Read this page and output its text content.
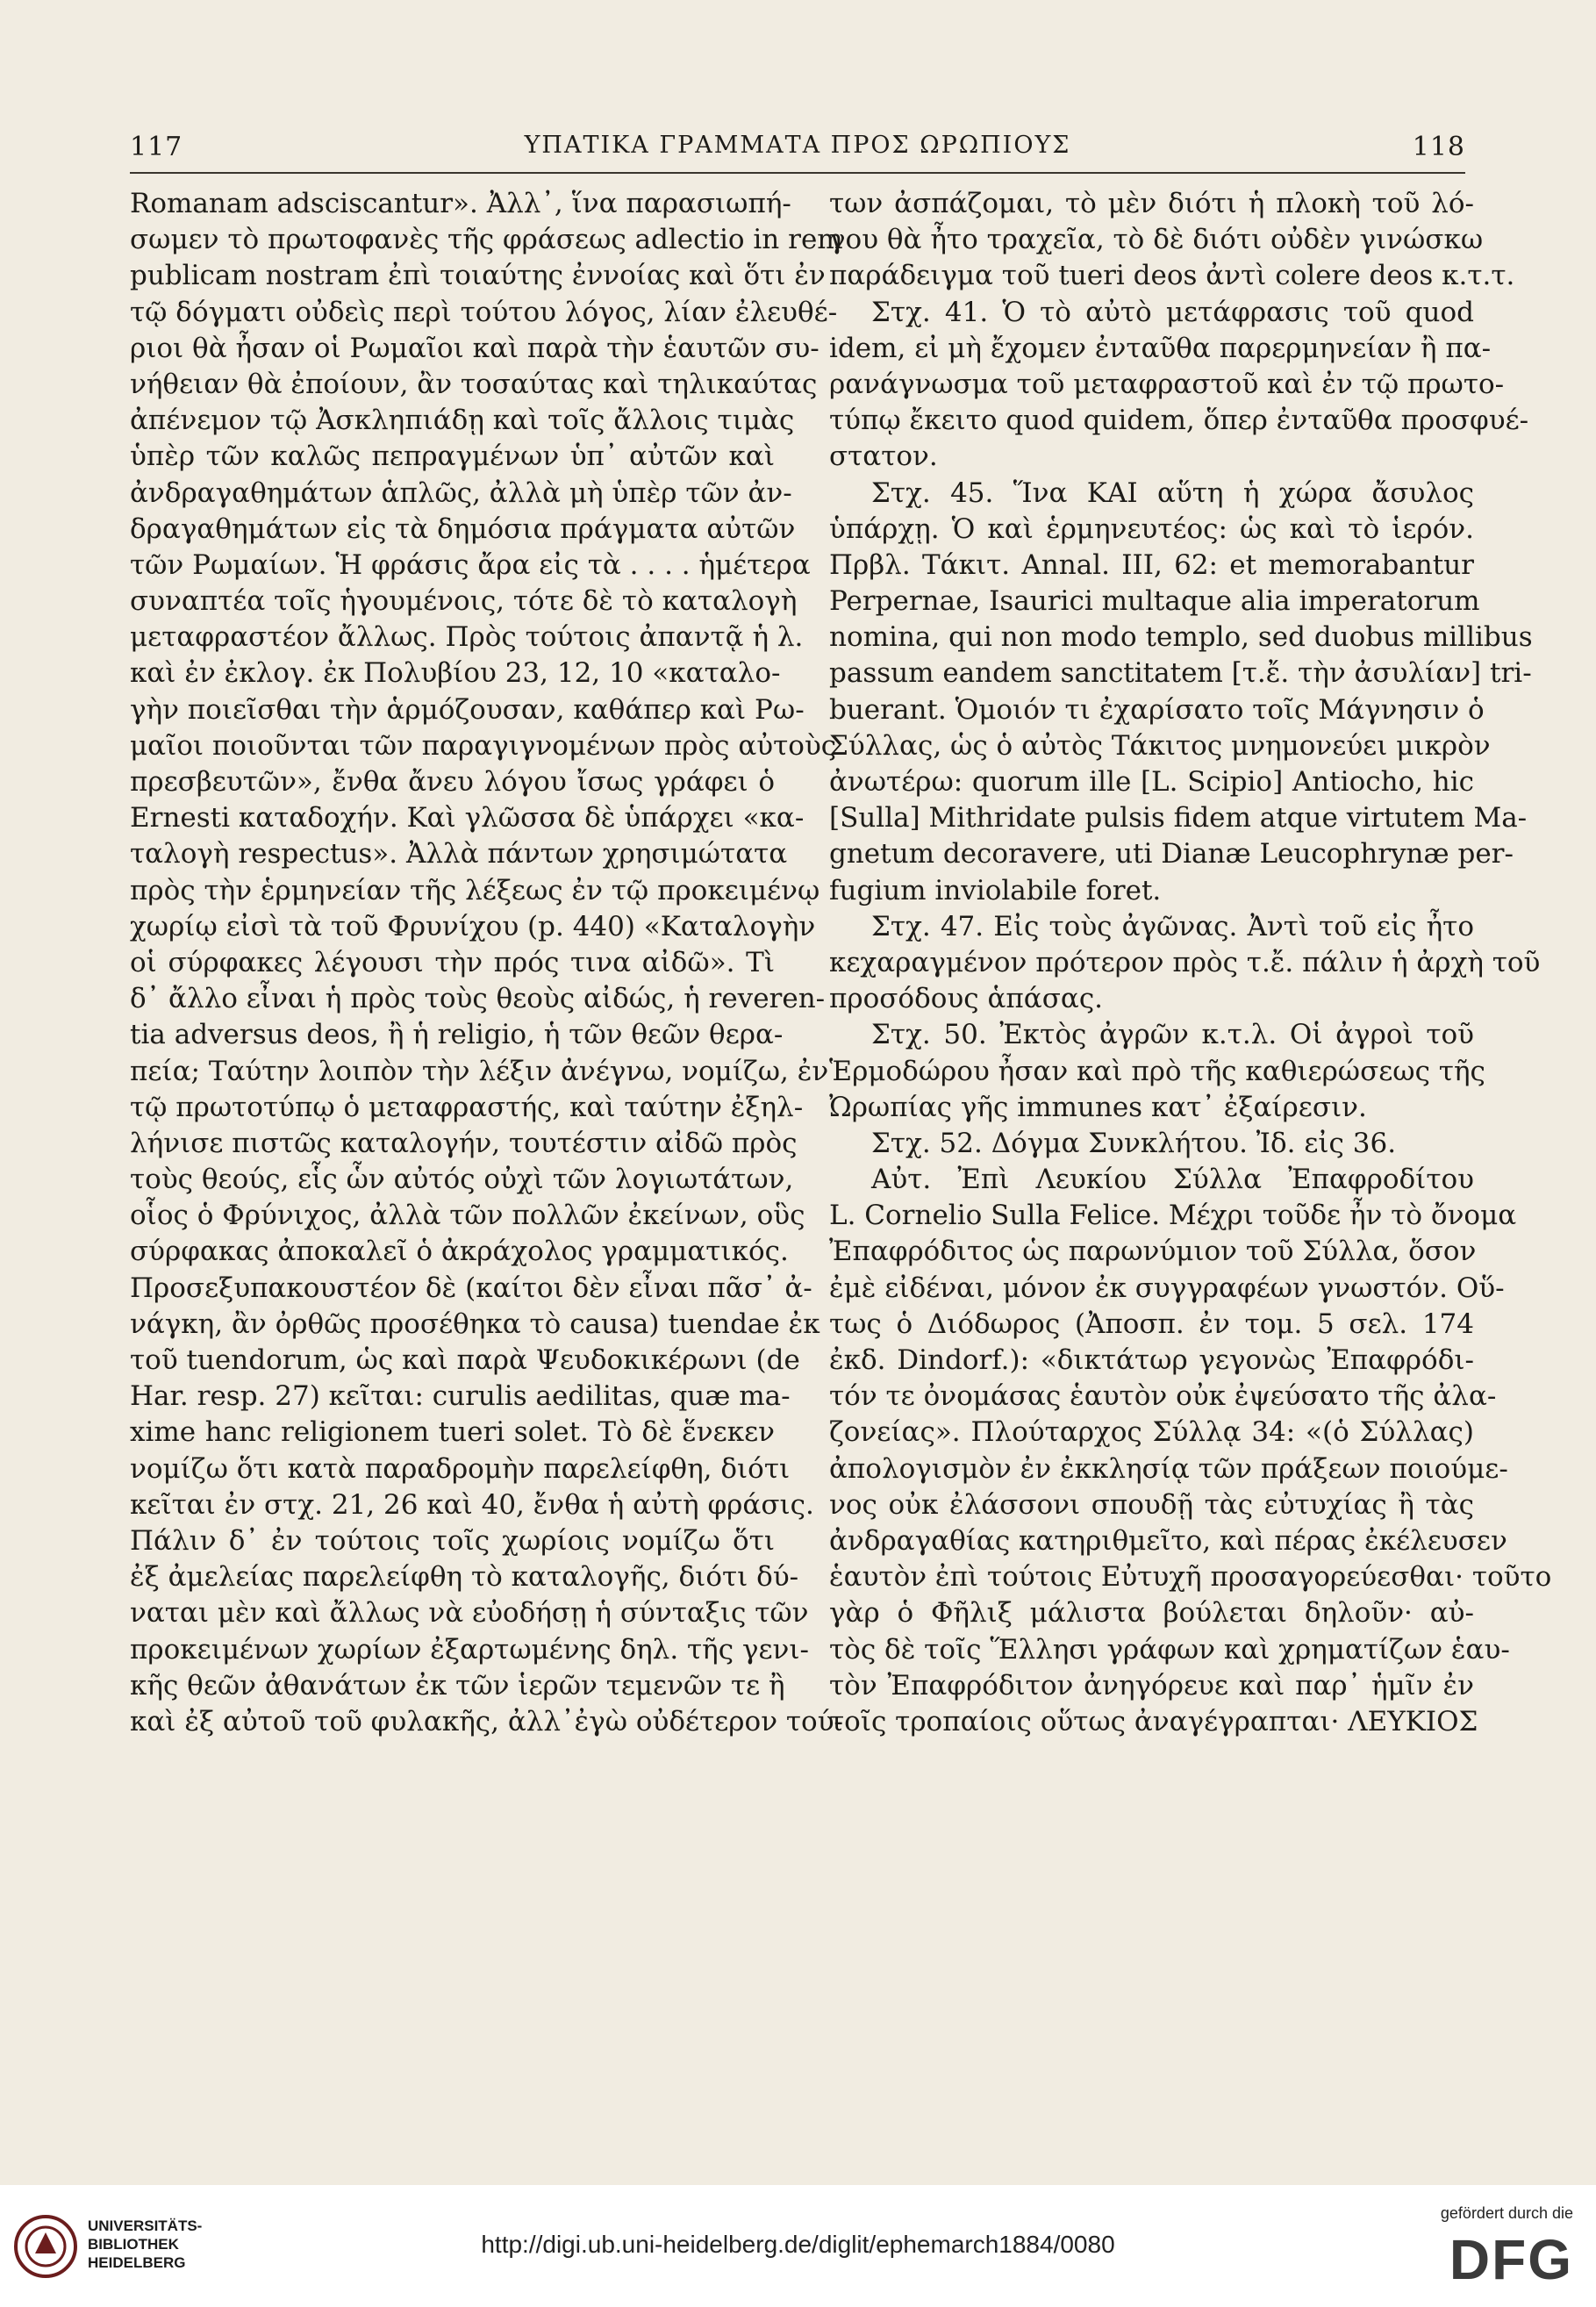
117	ΥΠΑΤΙΚΑ ΓΡΑΜΜΑΤΑ ΠΡΟΣ ΩΡΩΠΙΟΥΣ	118
Romanam adsciscantur». Ἀλλ᾽, ἵνα παρασιωπή-
σωμεν τὸ πρωτοφανὲς τῆς φράσεως adlectio in rem
publicam nostram ἐπὶ τοιαύτης ἐννοίας καὶ ὅτι ἐν
τῷ δόγματι οὐδεὶς περὶ τούτου λόγος, λίαν ἐλευθέ-
ριοι θὰ ἦσαν οἱ Ρωμαῖοι καὶ παρὰ τὴν ἑαυτῶν συ-
νήθειαν θὰ ἐποίουν, ἂν τοσαύτας καὶ τηλικαύτας
ἀπένεμον τῷ Ἀσκληπιάδῃ καὶ τοῖς ἄλλοις τιμὰς
ὑπὲρ τῶν καλῶς πεπραγμένων ὑπ᾽ αὐτῶν καὶ
ἀνδραγαθημάτων ἁπλῶς, ἀλλὰ μὴ ὑπὲρ τῶν ἀν-
δραγαθημάτων εἰς τὰ δημόσια πράγματα αὐτῶν
τῶν Ρωμαίων. Ἡ φράσις ἄρα εἰς τὰ . . . . ἡμέτερα
συναπτέα τοῖς ἡγουμένοις, τότε δὲ τὸ καταλογὴ
μεταφραστέον ἄλλως. Πρὸς τούτοις ἀπαντᾷ ἡ λ.
καὶ ἐν ἐκλογ. ἐκ Πολυβίου 23, 12, 10 «καταλο-
γὴν ποιεῖσθαι τὴν ἁρμόζουσαν, καθάπερ καὶ Ρω-
μαῖοι ποιοῦνται τῶν παραγιγνομένων πρὸς αὐτοὺς
πρεσβευτῶν», ἔνθα ἄνευ λόγου ἴσως γράφει ὁ
Ernesti καταδοχήν. Καὶ γλῶσσα δὲ ὑπάρχει «κα-
ταλογὴ respectus». Ἀλλὰ πάντων χρησιμώτατα
πρὸς τὴν ἑρμηνείαν τῆς λέξεως ἐν τῷ προκειμένῳ
χωρίῳ εἰσὶ τὰ τοῦ Φρυνίχου (p. 440) «Καταλογὴν
οἱ σύρφακες λέγουσι τὴν πρός τινα αἰδῶ». Τὶ
δ᾽ ἄλλο εἶναι ἡ πρὸς τοὺς θεοὺς αἰδώς, ἡ reveren-
tia adversus deos, ἢ ἡ religio, ἡ τῶν θεῶν θερα-
πεία; Ταύτην λοιπὸν τὴν λέξιν ἀνέγνω, νομίζω, ἐν
τῷ πρωτοτύπῳ ὁ μεταφραστής, καὶ ταύτην ἐξηλ-
λήνισε πιστῶς καταλογήν, τουτέστιν αἰδῶ πρὸς
τοὺς θεούς, εἷς ὧν αὐτός οὐχὶ τῶν λογιωτάτων,
οἷος ὁ Φρύνιχος, ἀλλὰ τῶν πολλῶν ἐκείνων, οὓς
σύρφακας ἀποκαλεῖ ὁ ἀκράχολος γραμματικός.
Προσεξυπακουστέον δὲ (καίτοι δὲν εἶναι πᾶσ᾽ ἀ-
νάγκη, ἂν ὀρθῶς προσέθηκα τὸ causa) tuendae ἐκ
τοῦ tuendorum, ὡς καὶ παρὰ Ψευδοκικέρωνι (de
Har. resp. 27) κεῖται: curulis aedilitas, quæ ma-
xime hanc religionem tueri solet. Τὸ δὲ ἕνεκεν
νομίζω ὅτι κατὰ παραδρομὴν παρελείφθη, διότι
κεῖται ἐν στχ. 21, 26 καὶ 40, ἔνθα ἡ αὐτὴ φράσις.
Πάλιν δ᾽ ἐν τούτοις τοῖς χωρίοις νομίζω ὅτι
ἐξ ἀμελείας παρελείφθη τὸ καταλογῆς, διότι δύ-
ναται μὲν καὶ ἄλλως νὰ εὐοδήσῃ ἡ σύνταξις τῶν
προκειμένων χωρίων ἐξαρτωμένης δηλ. τῆς γενι-
κῆς θεῶν ἀθανάτων ἐκ τῶν ἱερῶν τεμενῶν τε ἢ
καὶ ἐξ αὐτοῦ τοῦ φυλακῆς, ἀλλ᾽ἐγὼ οὐδέτερον τού-
των ἀσπάζομαι, τὸ μὲν διότι ἡ πλοκὴ τοῦ λό-
γου θὰ ἦτο τραχεῖα, τὸ δὲ διότι οὐδὲν γινώσκω
παράδειγμα τοῦ tueri deos ἀντὶ colere deos κ.τ.τ.
Στχ. 41. Ὁ τὸ αὐτὸ μετάφρασις τοῦ quod
idem, εἰ μὴ ἔχομεν ἐνταῦθα παρερμηνείαν ἢ πα-
ρανάγνωσμα τοῦ μεταφραστοῦ καὶ ἐν τῷ πρωτο-
τύπῳ ἔκειτο quod quidem, ὅπερ ἐνταῦθα προσφυέ-
στατον.
Στχ. 45. Ἵνα ΚΑΙ αὕτη ἡ χώρα ἄσυλος
ὑπάρχῃ. Ὁ καὶ ἑρμηνευτέος: ὡς καὶ τὸ ἱερόν.
Πρβλ. Τάκιτ. Annal. III, 62: et memorabantur
Perpernae, Isaurici multaque alia imperatorum
nomina, qui non modo templo, sed duobus millibus
passum eandem sanctitatem [τ.ἔ. τὴν ἀσυλίαν] tri-
buerant. Ὁμοιόν τι ἐχαρίσατο τοῖς Μάγνησιν ὁ
Σύλλας, ὡς ὁ αὐτὸς Τάκιτος μνημονεύει μικρὸν
ἀνωτέρω: quorum ille [L. Scipio] Antiocho, hic
[Sulla] Mithridate pulsis fidem atque virtutem Ma-
gnetum decoravere, uti Dianæ Leucophrynæ per-
fugium inviolabile foret.
Στχ. 47. Εἰς τοὺς ἀγῶνας. Ἀντὶ τοῦ εἰς ἦτο
κεχαραγμένον πρότερον πρὸς τ.ἔ. πάλιν ἡ ἀρχὴ τοῦ
προσόδους ἁπάσας.
Στχ. 50. Ἐκτὸς ἀγρῶν κ.τ.λ. Οἱ ἀγροὶ τοῦ
Ἑρμοδώρου ἦσαν καὶ πρὸ τῆς καθιερώσεως τῆς
Ὠρωπίας γῆς immunes κατ᾽ ἐξαίρεσιν.
Στχ. 52. Δόγμα Συνκλήτου. Ἰδ. εἰς 36.
Αὐτ. Ἐπὶ Λευκίου Σύλλα Ἐπαφροδίτου
L. Cornelio Sulla Felice. Μέχρι τοῦδε ἦν τὸ ὄνομα
Ἐπαφρόδιτος ὡς παρωνύμιον τοῦ Σύλλα, ὅσον
ἐμὲ εἰδέναι, μόνον ἐκ συγγραφέων γνωστόν. Οὕ-
τως ὁ Διόδωρος (Ἀποσπ. ἐν τομ. 5 σελ. 174
ἐκδ. Dindorf.): «δικτάτωρ γεγονὼς Ἐπαφρόδι-
τόν τε ὀνομάσας ἑαυτὸν οὐκ ἐψεύσατο τῆς ἀλα-
ζονείας». Πλούταρχος Σύλλᾳ 34: «(ὁ Σύλλας)
ἀπολογισμὸν ἐν ἐκκλησίᾳ τῶν πράξεων ποιούμε-
νος οὐκ ἐλάσσονι σπουδῇ τὰς εὐτυχίας ἢ τὰς
ἀνδραγαθίας κατηριθμεῖτο, καὶ πέρας ἐκέλευσεν
ἑαυτὸν ἐπὶ τούτοις Εὐτυχῆ προσαγορεύεσθαι· τοῦτο
γὰρ ὁ Φῆλιξ μάλιστα βούλεται δηλοῦν· αὐ-
τὸς δὲ τοῖς Ἕλλησι γράφων καὶ χρηματίζων ἑαυ-
τὸν Ἐπαφρόδιτον ἀνηγόρευε καὶ παρ᾽ ἡμῖν ἐν
τοῖς τροπαίοις οὕτως ἀναγέγραπται· ΛΕΥΚΙΟΣ
UNIVERSITÄTS-
BIBLIOTHEK
HEIDELBERG
http://digi.ub.uni-heidelberg.de/diglit/ephemarch1884/0080
gefördert durch die
DFG
